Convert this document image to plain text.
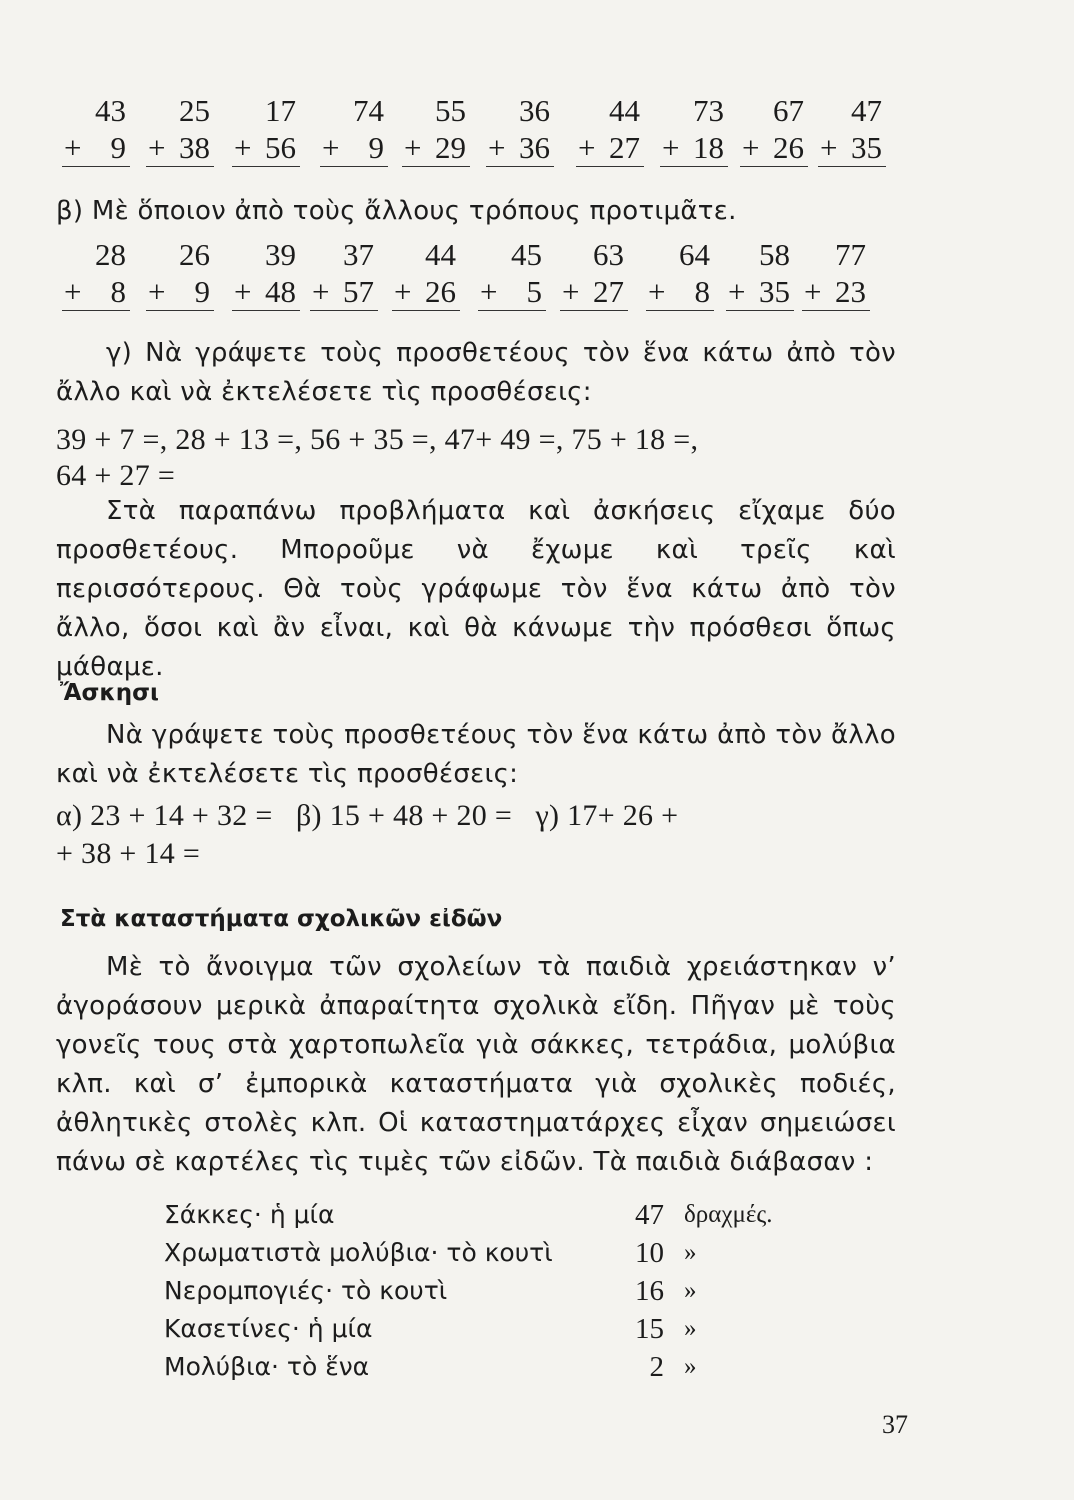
43
+ 9
25
+ 38
17
+ 56
74
+ 9
55
+ 29
36
+ 36
44
+ 27
73
+ 18
67
+ 26
47
+ 35
β) Μὲ ὅποιον ἀπὸ τοὺς ἄλλους τρόπους προτιμᾶτε.
28
+ 8
26
+ 9
39
+ 48
37
+ 57
44
+ 26
45
+ 5
63
+ 27
64
+ 8
58
+ 35
77
+ 23
γ) Νὰ γράψετε τοὺς προσθετέους τὸν ἕνα κάτω ἀπὸ τὸν ἄλλο καὶ νὰ ἐκτελέσετε τὶς προσθέσεις:
39 + 7 =, 28 + 13 =, 56 + 35 =, 47+ 49 =, 75 + 18 =,
64 + 27 =
Στὰ παραπάνω προβλήματα καὶ ἀσκήσεις εἴχαμε δύο προσθετέους. Μποροῦμε νὰ ἔχωμε καὶ τρεῖς καὶ περισσότερους. Θὰ τοὺς γράφωμε τὸν ἕνα κάτω ἀπὸ τὸν ἄλλο, ὅσοι καὶ ἂν εἶναι, καὶ θὰ κάνωμε τὴν πρόσθεσι ὅπως μάθαμε.
Ἄσκησι
Νὰ γράψετε τοὺς προσθετέους τὸν ἕνα κάτω ἀπὸ τὸν ἄλλο καὶ νὰ ἐκτελέσετε τὶς προσθέσεις:
α) 23 + 14 + 32 =   β) 15 + 48 + 20 =   γ) 17+ 26 +
+ 38 + 14 =
Στὰ καταστήματα σχολικῶν εἰδῶν
Μὲ τὸ ἄνοιγμα τῶν σχολείων τὰ παιδιὰ χρειάστηκαν ν’ ἀγοράσουν μερικὰ ἀπαραίτητα σχολικὰ εἴδη. Πῆγαν μὲ τοὺς γονεῖς τους στὰ χαρτοπωλεῖα γιὰ σάκκες, τετράδια, μολύβια κλπ. καὶ σ’ ἐμπορικὰ καταστήματα γιὰ σχολικὲς ποδιές, ἀθλητικὲς στολὲς κλπ. Οἱ καταστηματάρχες εἶχαν σημειώσει πάνω σὲ καρτέλες τὶς τιμὲς τῶν εἰδῶν. Τὰ παιδιὰ διάβασαν :
Σάκκες· ἡ μία	47 δραχμές.
Χρωματιστὰ μολύβια· τὸ κουτὶ	10 »
Νερομπογιές· τὸ κουτὶ	16 »
Κασετίνες· ἡ μία	15 »
Μολύβια· τὸ ἕνα	2 »
37
